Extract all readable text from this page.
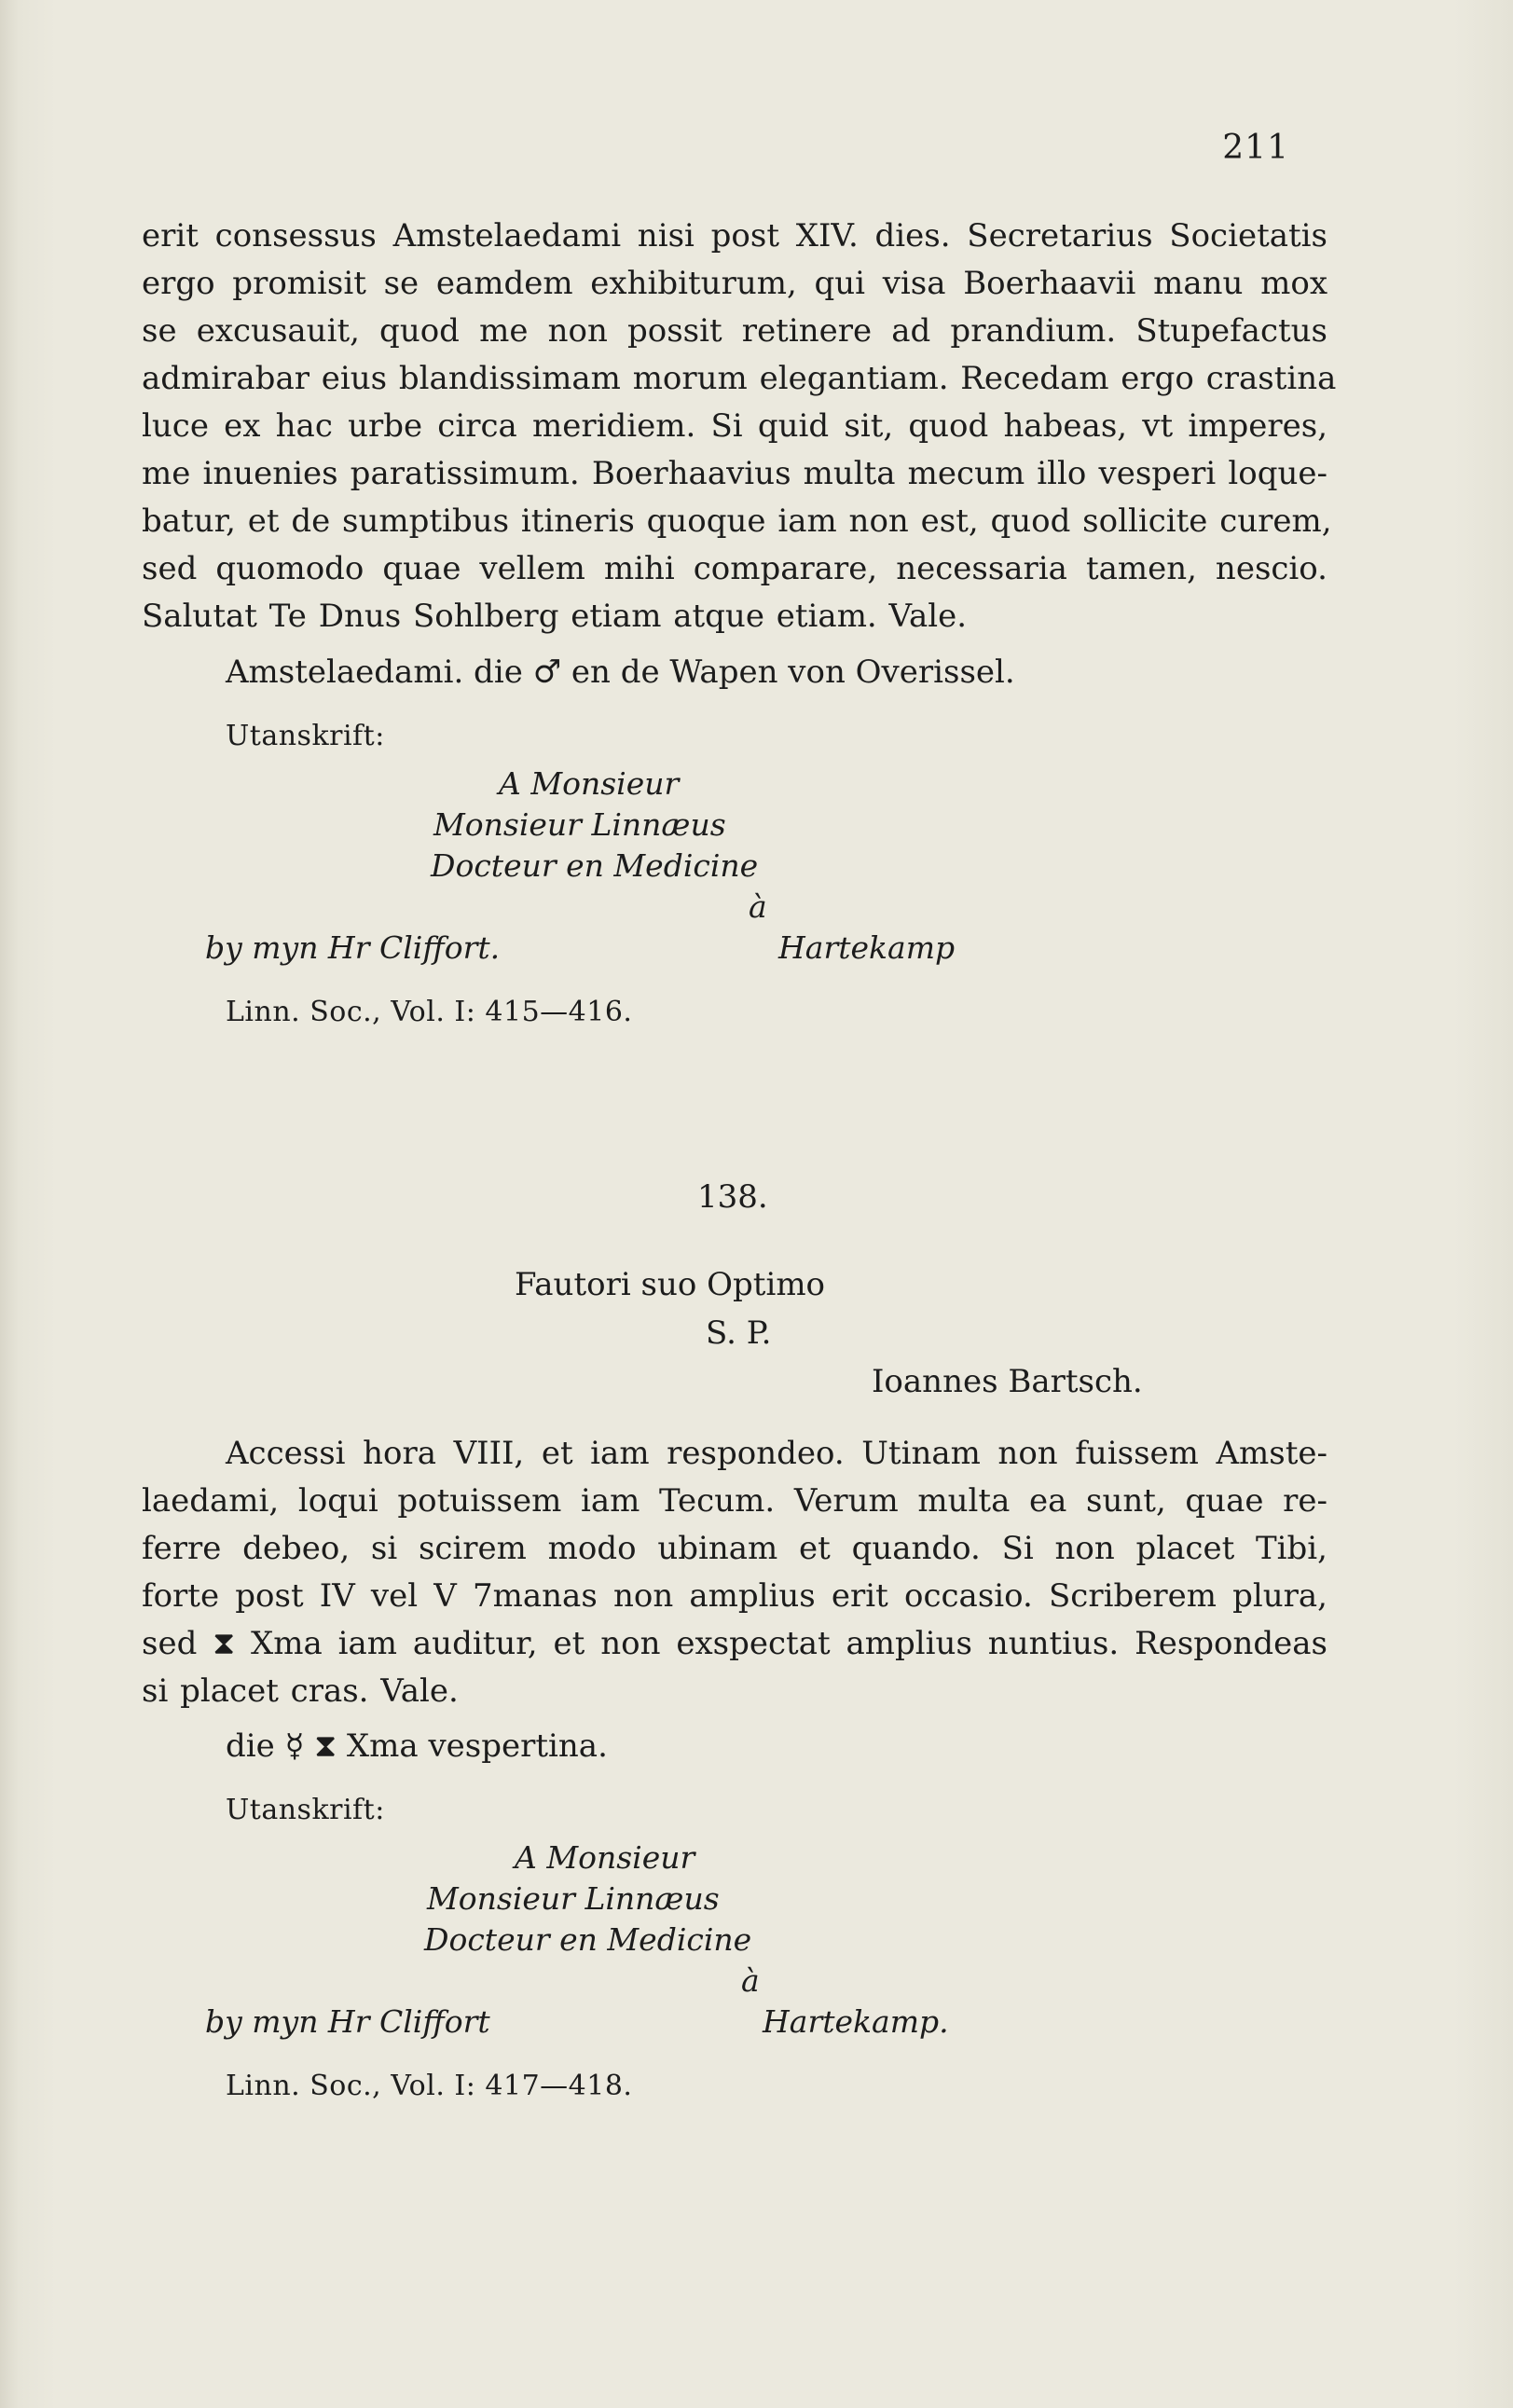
211
erit consessus Amstelaedami nisi post XIV. dies. Secretarius Societatis
ergo promisit se eamdem exhibiturum, qui visa Boerhaavii manu mox
se excusauit, quod me non possit retinere ad prandium. Stupefactus
admirabar eius blandissimam morum elegantiam. Recedam ergo crastina
luce ex hac urbe circa meridiem. Si quid sit, quod habeas, vt imperes,
me inuenies paratissimum. Boerhaavius multa mecum illo vesperi loque-
batur, et de sumptibus itineris quoque iam non est, quod sollicite curem,
sed quomodo quae vellem mihi comparare, necessaria tamen, nescio.
Salutat Te Dnus Sohlberg etiam atque etiam. Vale.
Amstelaedami. die ♂ en de Wapen von Overissel.
Utanskrift:
A Monsieur
Monsieur Linnæus
Docteur en Medicine
à
by myn Hr Cliffort.	Hartekamp
Linn. Soc., Vol. I: 415—416.
138.
Fautori suo Optimo
S. P.
Ioannes Bartsch.
Accessi hora VIII, et iam respondeo. Utinam non fuissem Amste-
laedami, loqui potuissem iam Tecum. Verum multa ea sunt, quae re-
ferre debeo, si scirem modo ubinam et quando. Si non placet Tibi,
forte post IV vel V 7manas non amplius erit occasio. Scriberem plura,
sed ⧗ Xma iam auditur, et non exspectat amplius nuntius. Respondeas
si placet cras. Vale.
die ☿ ⧗ Xma vespertina.
Utanskrift:
A Monsieur
Monsieur Linnæus
Docteur en Medicine
à
by myn Hr Cliffort	Hartekamp.
Linn. Soc., Vol. I: 417—418.
